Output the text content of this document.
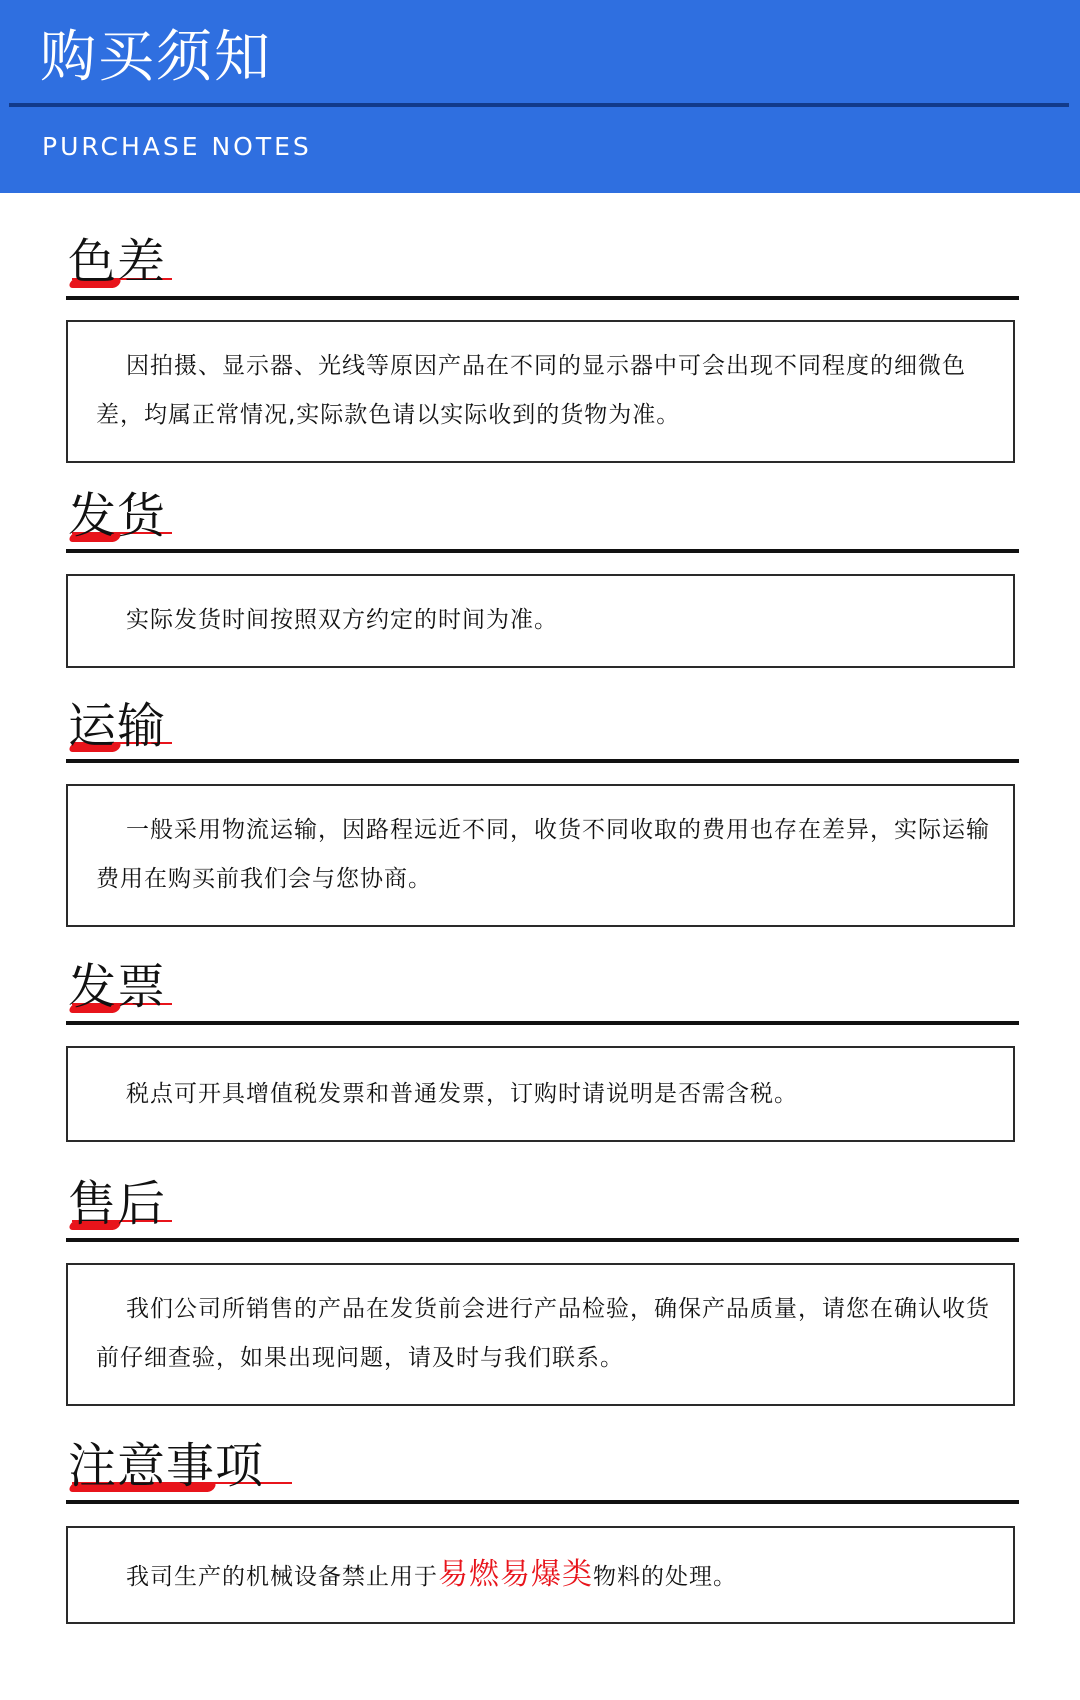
购买须知
PURCHASE NOTES
色差
因拍摄、显示器、光线等原因产品在不同的显示器中可会出现不同程度的细微色差，均属正常情况,实际款色请以实际收到的货物为准。
发货
实际发货时间按照双方约定的时间为准。
运输
一般采用物流运输，因路程远近不同，收货不同收取的费用也存在差异，实际运输费用在购买前我们会与您协商。
发票
税点可开具增值税发票和普通发票，订购时请说明是否需含税。
售后
我们公司所销售的产品在发货前会进行产品检验，确保产品质量，请您在确认收货前仔细查验，如果出现问题，请及时与我们联系。
注意事项
我司生产的机械设备禁止用于易燃易爆类物料的处理。
